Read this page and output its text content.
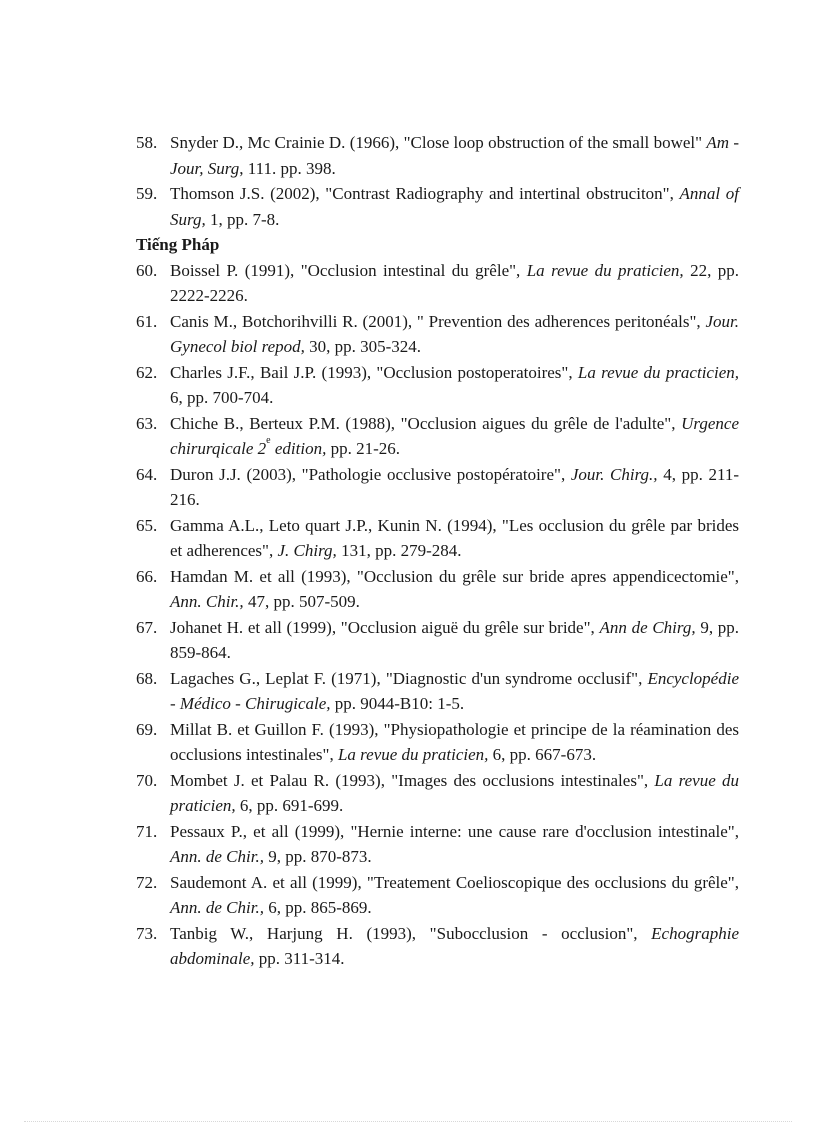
58. Snyder D., Mc Crainie D. (1966), "Close loop obstruction of the small bowel" Am - Jour, Surg, 111. pp. 398.
59. Thomson J.S. (2002), "Contrast Radiography and intertinal obstruciton", Annal of Surg, 1, pp. 7-8.

Tiếng Pháp

60. Boissel P. (1991), "Occlusion intestinal du grêle", La revue du praticien, 22, pp. 2222-2226.
61. Canis M., Botchorihvilli R. (2001), " Prevention des adherences peritonéals", Jour. Gynecol biol repod, 30, pp. 305-324.
62. Charles J.F., Bail J.P. (1993), "Occlusion postoperatoires", La revue du practicien, 6, pp. 700-704.
63. Chiche B., Berteux P.M. (1988), "Occlusion aigues du grêle de l'adulte", Urgence chirurqicale 2e edition, pp. 21-26.
64. Duron J.J. (2003), "Pathologie occlusive postopératoire", Jour. Chirg., 4, pp. 211-216.
65. Gamma A.L., Leto quart J.P., Kunin N. (1994), "Les occlusion du grêle par brides et adherences", J. Chirg, 131, pp. 279-284.
66. Hamdan M. et all (1993), "Occlusion du grêle sur bride apres appendicectomie", Ann. Chir., 47, pp. 507-509.
67. Johanet H. et all (1999), "Occlusion aiguë du grêle sur bride", Ann de Chirg, 9, pp. 859-864.
68. Lagaches G., Leplat F. (1971), "Diagnostic d'un syndrome occlusif", Encyclopédie - Médico - Chirugicale, pp. 9044-B10: 1-5.
69. Millat B. et Guillon F. (1993), "Physiopathologie et principe de la réamination des occlusions intestinales", La revue du praticien, 6, pp. 667-673.
70. Mombet J. et Palau R. (1993), "Images des occlusions intestinales", La revue du praticien, 6, pp. 691-699.
71. Pessaux P., et all (1999), "Hernie interne: une cause rare d'occlusion intestinale", Ann. de Chir., 9, pp. 870-873.
72. Saudemont A. et all (1999), "Treatement Coelioscopique des occlusions du grêle", Ann. de Chir., 6, pp. 865-869.
73. Tanbig W., Harjung H. (1993), "Subocclusion - occlusion", Echographie abdominale, pp. 311-314.
